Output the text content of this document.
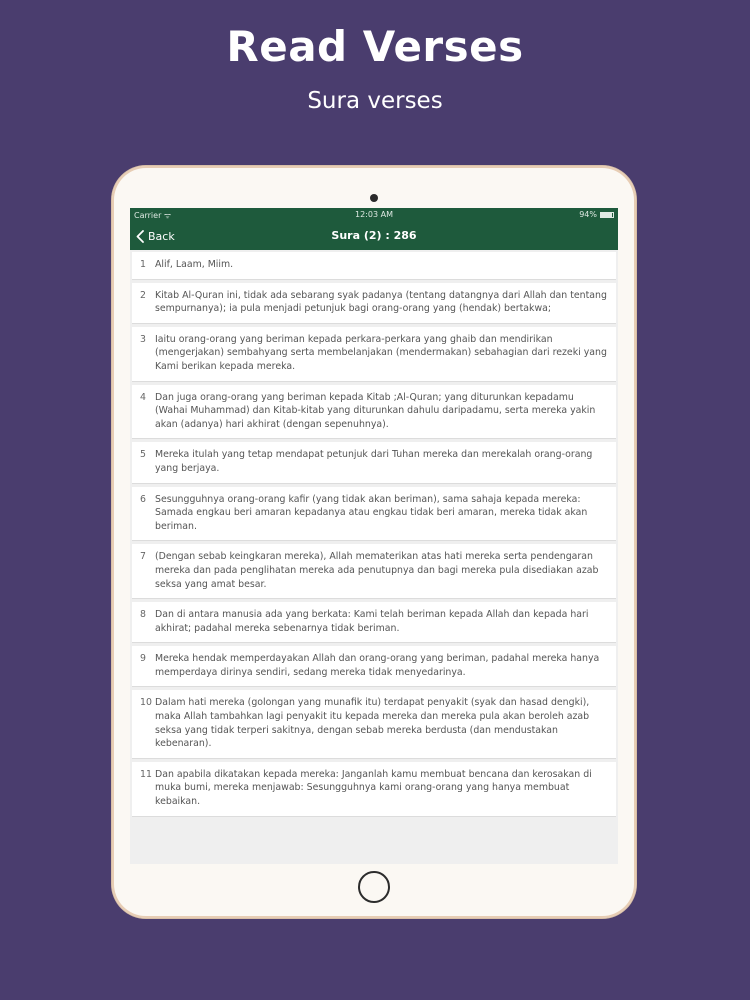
Read Verses
Sura verses
Carrier ᯤ	12:03 AM	94%
Back	Sura (2) : 286
1 Alif, Laam, Miim.
2 Kitab Al-Quran ini, tidak ada sebarang syak padanya (tentang datangnya dari Allah dan tentang sempurnanya); ia pula menjadi petunjuk bagi orang-orang yang (hendak) bertakwa;
3 Iaitu orang-orang yang beriman kepada perkara-perkara yang ghaib dan mendirikan (mengerjakan) sembahyang serta membelanjakan (mendermakan) sebahagian dari rezeki yang Kami berikan kepada mereka.
4 Dan juga orang-orang yang beriman kepada Kitab ;Al-Quran; yang diturunkan kepadamu (Wahai Muhammad) dan Kitab-kitab yang diturunkan dahulu daripadamu, serta mereka yakin akan (adanya) hari akhirat (dengan sepenuhnya).
5 Mereka itulah yang tetap mendapat petunjuk dari Tuhan mereka dan merekalah orang-orang yang berjaya.
6 Sesungguhnya orang-orang kafir (yang tidak akan beriman), sama sahaja kepada mereka: Samada engkau beri amaran kepadanya atau engkau tidak beri amaran, mereka tidak akan beriman.
7 (Dengan sebab keingkaran mereka), Allah mematerikan atas hati mereka serta pendengaran mereka dan pada penglihatan mereka ada penutupnya dan bagi mereka pula disediakan azab seksa yang amat besar.
8 Dan di antara manusia ada yang berkata: Kami telah beriman kepada Allah dan kepada hari akhirat; padahal mereka sebenarnya tidak beriman.
9 Mereka hendak memperdayakan Allah dan orang-orang yang beriman, padahal mereka hanya memperdaya dirinya sendiri, sedang mereka tidak menyedarinya.
10 Dalam hati mereka (golongan yang munafik itu) terdapat penyakit (syak dan hasad dengki), maka Allah tambahkan lagi penyakit itu kepada mereka dan mereka pula akan beroleh azab seksa yang tidak terperi sakitnya, dengan sebab mereka berdusta (dan mendustakan kebenaran).
11 Dan apabila dikatakan kepada mereka: Janganlah kamu membuat bencana dan kerosakan di muka bumi, mereka menjawab: Sesungguhnya kami orang-orang yang hanya membuat kebaikan.
